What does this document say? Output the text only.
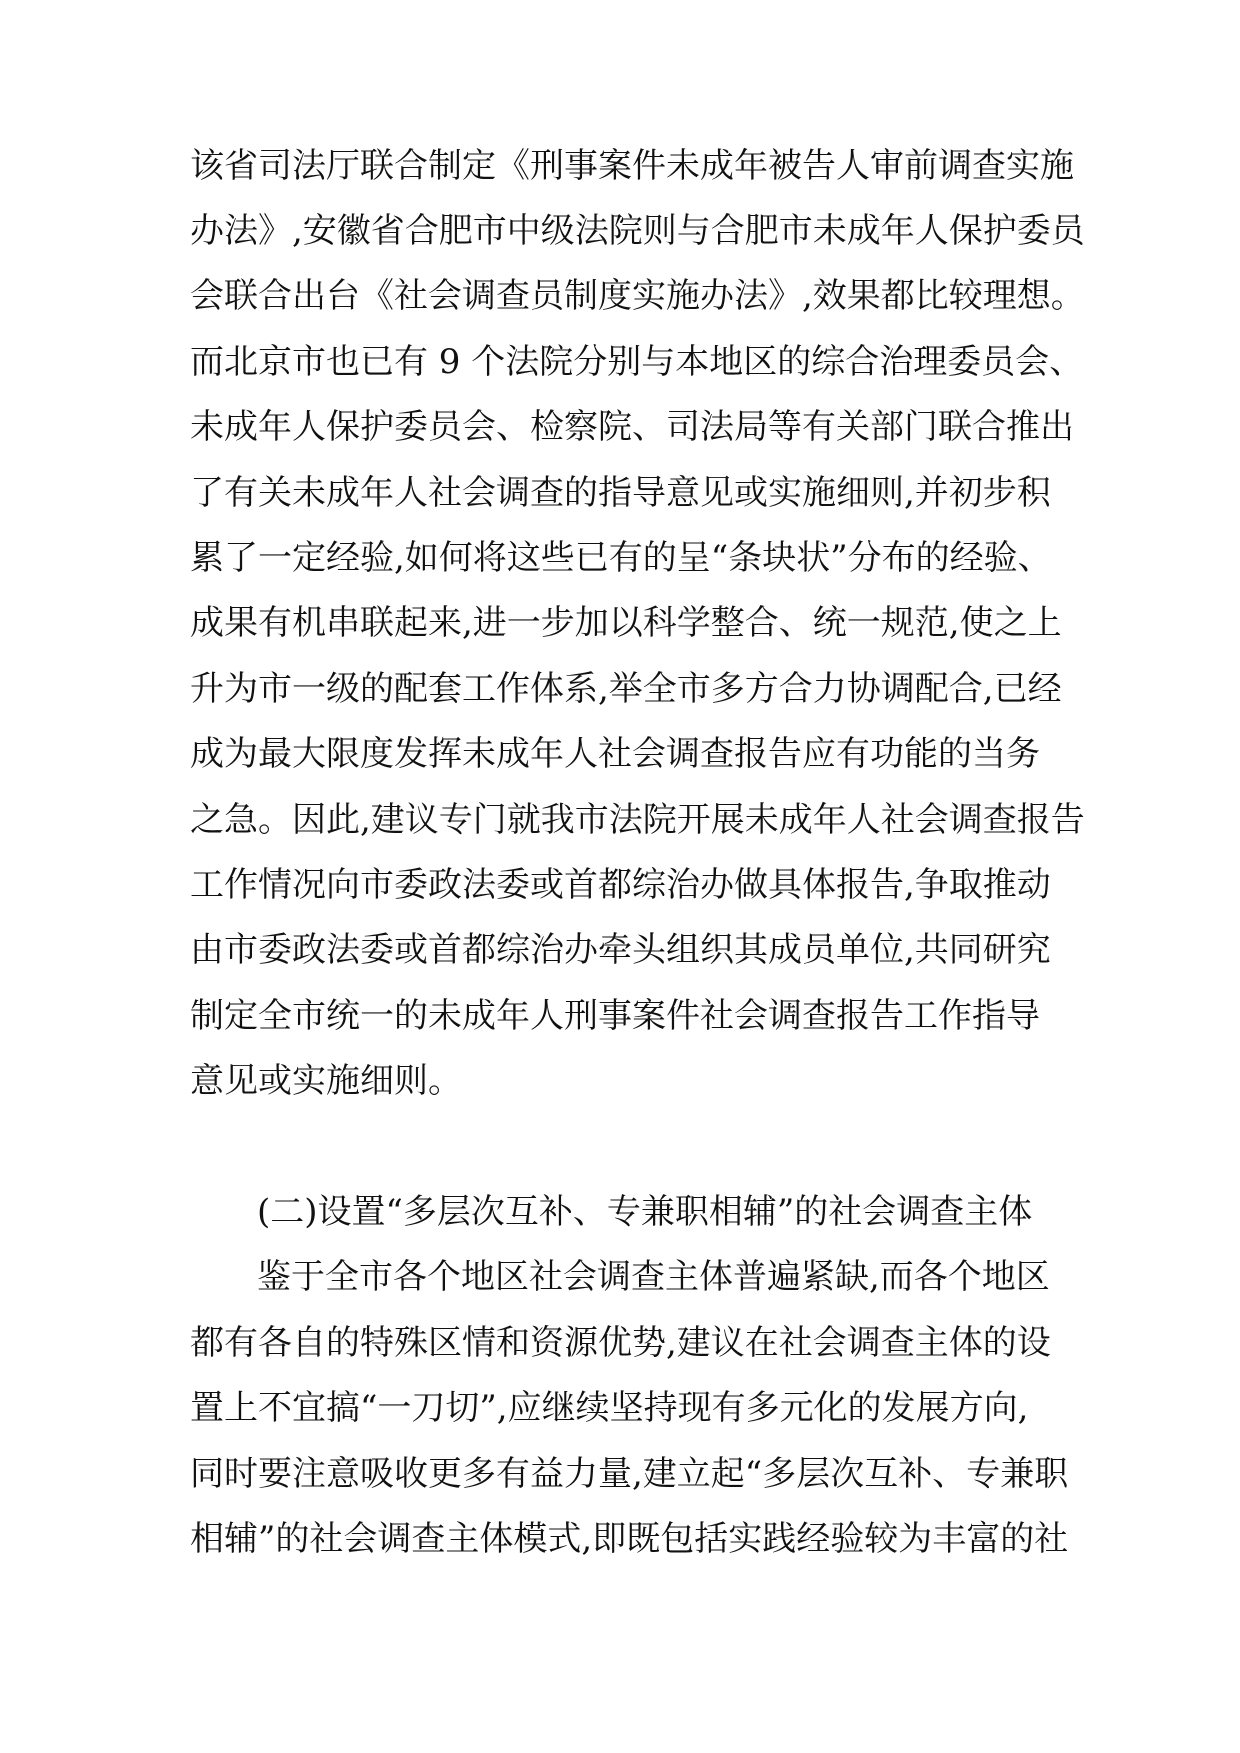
该省司法厅联合制定《刑事案件未成年被告人审前调查实施
办法》,安徽省合肥市中级法院则与合肥市未成年人保护委员
会联合出台《社会调查员制度实施办法》,效果都比较理想。
而北京市也已有 9 个法院分别与本地区的综合治理委员会、
未成年人保护委员会、检察院、司法局等有关部门联合推出
了有关未成年人社会调查的指导意见或实施细则,并初步积
累了一定经验,如何将这些已有的呈“条块状”分布的经验、
成果有机串联起来,进一步加以科学整合、统一规范,使之上
升为市一级的配套工作体系,举全市多方合力协调配合,已经
成为最大限度发挥未成年人社会调查报告应有功能的当务
之急。因此,建议专门就我市法院开展未成年人社会调查报告
工作情况向市委政法委或首都综治办做具体报告,争取推动
由市委政法委或首都综治办牵头组织其成员单位,共同研究
制定全市统一的未成年人刑事案件社会调查报告工作指导
意见或实施细则。
(二)设置“多层次互补、专兼职相辅”的社会调查主体
鉴于全市各个地区社会调查主体普遍紧缺,而各个地区
都有各自的特殊区情和资源优势,建议在社会调查主体的设
置上不宜搞“一刀切”,应继续坚持现有多元化的发展方向,
同时要注意吸收更多有益力量,建立起“多层次互补、专兼职
相辅”的社会调查主体模式,即既包括实践经验较为丰富的社
